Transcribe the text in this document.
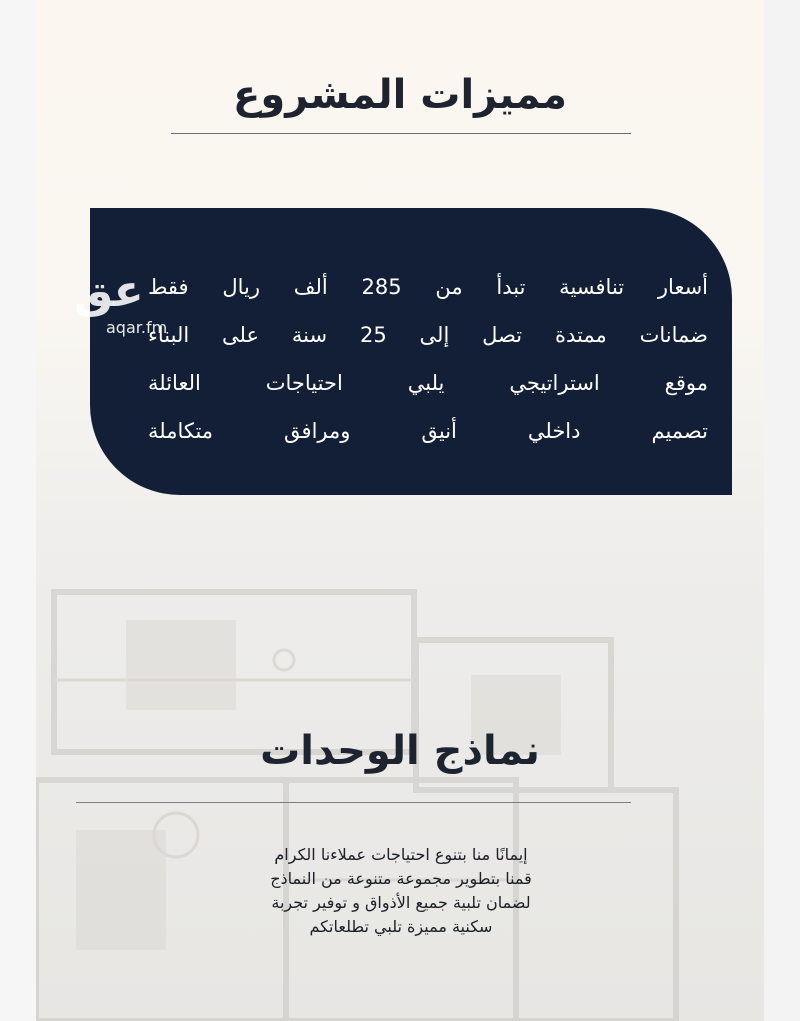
مميزات المشروع
أسعار تنافسية تبدأ من 285 ألف ريال فقط
ضمانات ممتدة تصل إلى 25 سنة على البناء
موقع استراتيجي يلبي احتياجات العائلة
تصميم داخلي أنيق ومرافق متكاملة
عق
aqar.fm
نماذج الوحدات

إيمانًا منا بتنوع احتياجات عملاءنا الكرام
قمنا بتطوير مجموعة متنوعة من النماذج
لضمان تلبية جميع الأذواق و توفير تجربة
سكنية مميزة تلبي تطلعاتكم
